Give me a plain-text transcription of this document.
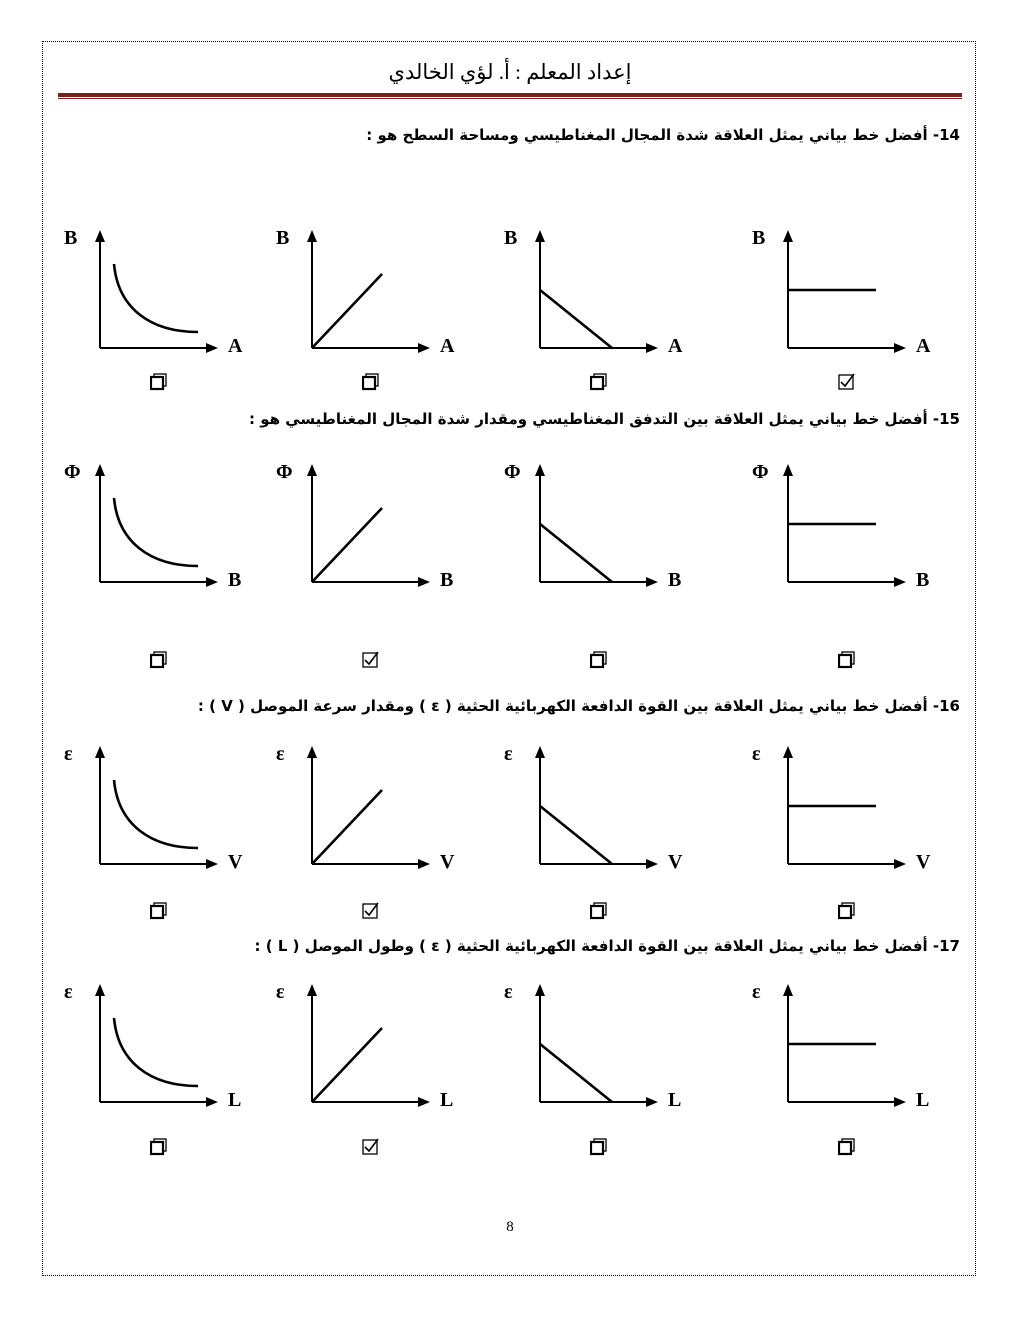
إعداد المعلم : أ. لؤي الخالدي
14- أفضل خط بياني يمثل العلاقة شدة المجال المغناطيسي ومساحة السطح هو :
B
A
B
A
B
A
B
A
15- أفضل خط بياني يمثل العلاقة بين التدفق المغناطيسي ومقدار شدة المجال المغناطيسي هو :
Φ
B
Φ
B
Φ
B
Φ
B
16- أفضل خط بياني يمثل العلاقة بين القوة الدافعة الكهربائية الحثية ( ε ) ومقدار سرعة الموصل ( V ) :
ε
V
ε
V
ε
V
ε
V
17- أفضل خط بياني يمثل العلاقة بين القوة الدافعة الكهربائية الحثية ( ε ) وطول الموصل ( L ) :
ε
L
ε
L
ε
L
ε
L
8
